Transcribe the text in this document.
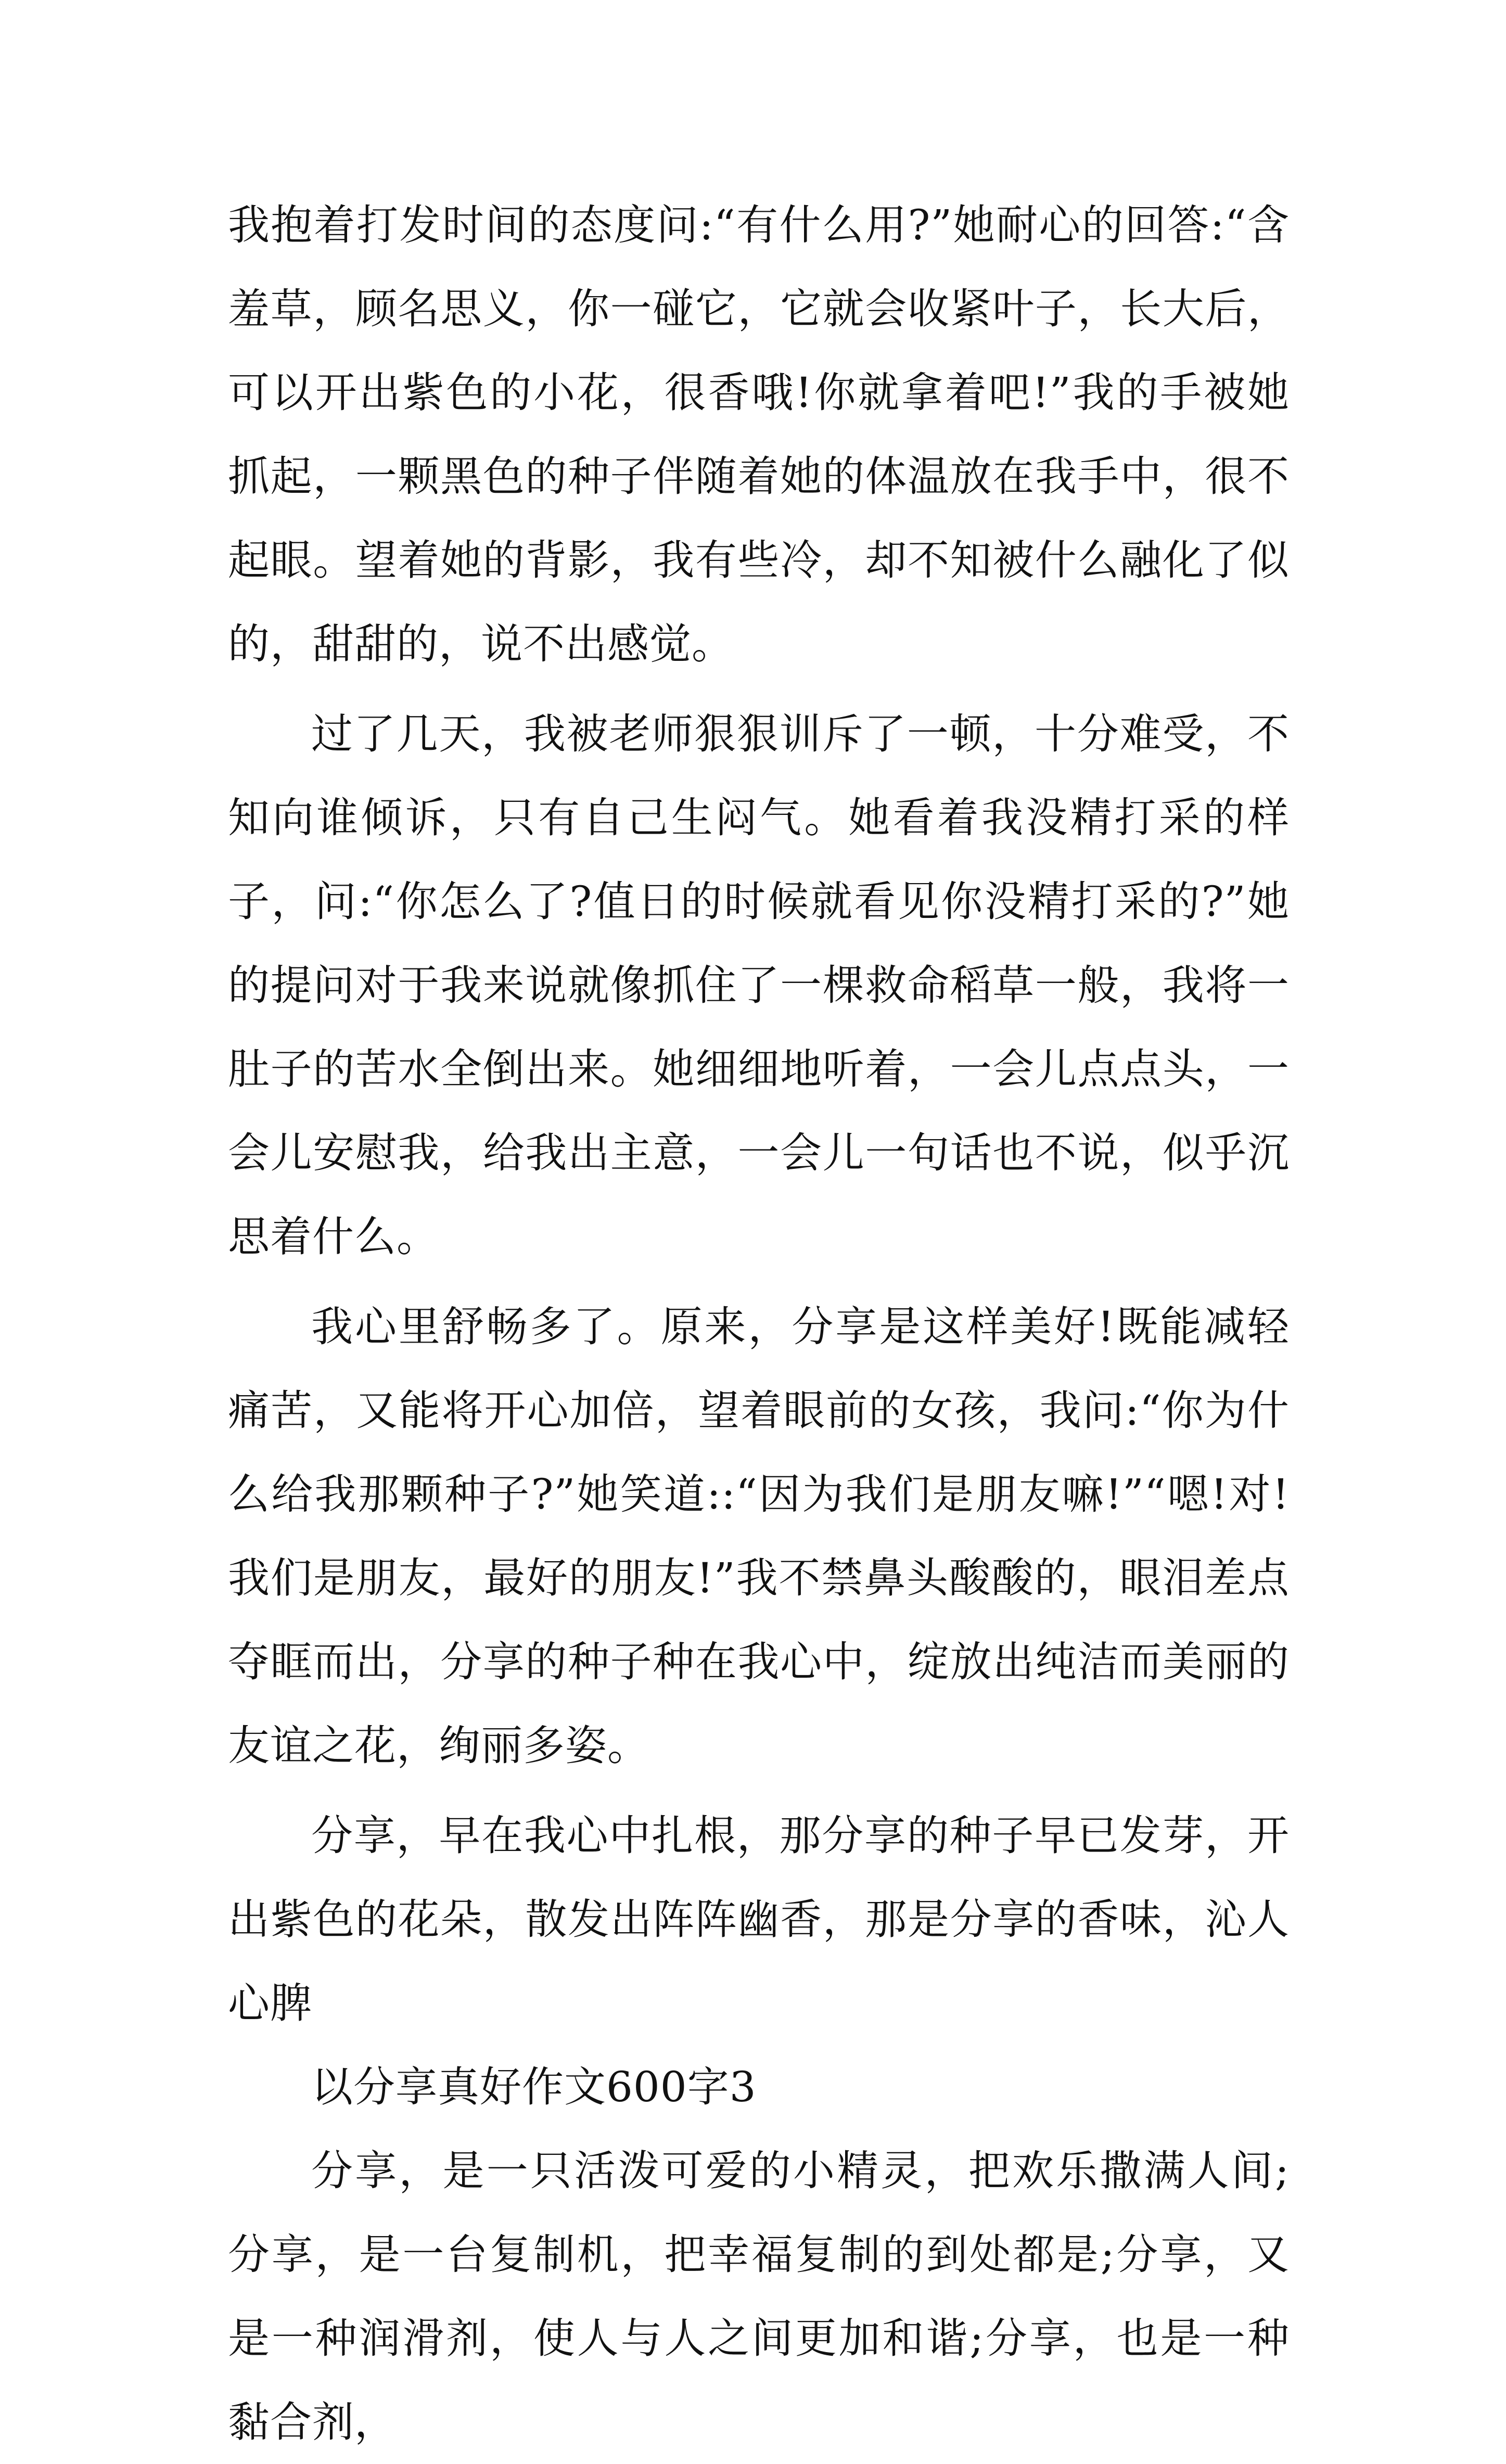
我抱着打发时间的态度问:“有什么用?”她耐心的回答:“含羞草，顾名思义，你一碰它，它就会收紧叶子，长大后，可以开出紫色的小花，很香哦!你就拿着吧!”我的手被她抓起，一颗黑色的种子伴随着她的体温放在我手中，很不起眼。望着她的背影，我有些冷，却不知被什么融化了似的，甜甜的，说不出感觉。

过了几天，我被老师狠狠训斥了一顿，十分难受，不知向谁倾诉，只有自己生闷气。她看着我没精打采的样子，问:“你怎么了?值日的时候就看见你没精打采的?”她的提问对于我来说就像抓住了一棵救命稻草一般，我将一肚子的苦水全倒出来。她细细地听着，一会儿点点头，一会儿安慰我，给我出主意，一会儿一句话也不说，似乎沉思着什么。

我心里舒畅多了。原来，分享是这样美好!既能减轻痛苦，又能将开心加倍，望着眼前的女孩，我问:“你为什么给我那颗种子?”她笑道::“因为我们是朋友嘛!”“嗯!对!我们是朋友，最好的朋友!”我不禁鼻头酸酸的，眼泪差点夺眶而出，分享的种子种在我心中，绽放出纯洁而美丽的友谊之花，绚丽多姿。

分享，早在我心中扎根，那分享的种子早已发芽，开出紫色的花朵，散发出阵阵幽香，那是分享的香味，沁人心脾

以分享真好作文600字3

分享，是一只活泼可爱的小精灵，把欢乐撒满人间;分享，是一台复制机，把幸福复制的到处都是;分享，又是一种润滑剂，使人与人之间更加和谐;分享，也是一种黏合剂，
